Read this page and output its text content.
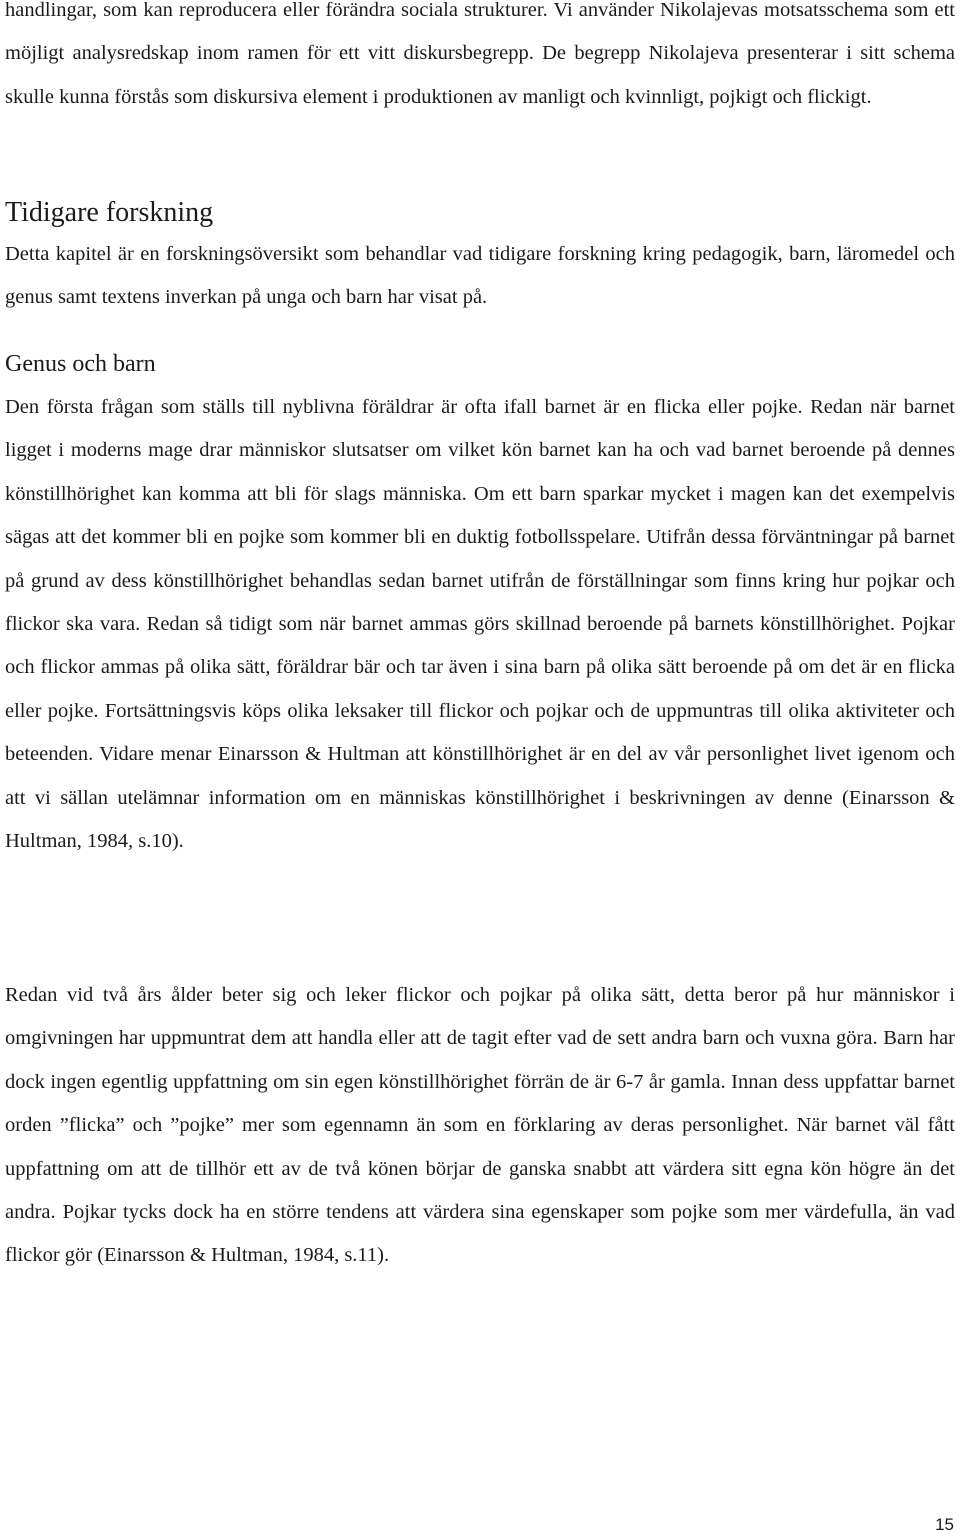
handlingar, som kan reproducera eller förändra sociala strukturer. Vi använder Nikolajevas motsatsschema som ett möjligt analysredskap inom ramen för ett vitt diskursbegrepp. De begrepp Nikolajeva presenterar i sitt schema skulle kunna förstås som diskursiva element i produktionen av manligt och kvinnligt, pojkigt och flickigt.

Tidigare forskning

Detta kapitel är en forskningsöversikt som behandlar vad tidigare forskning kring pedagogik, barn, läromedel och genus samt textens inverkan på unga och barn har visat på.

Genus och barn

Den första frågan som ställs till nyblivna föräldrar är ofta ifall barnet är en flicka eller pojke. Redan när barnet ligget i moderns mage drar människor slutsatser om vilket kön barnet kan ha och vad barnet beroende på dennes könstillhörighet kan komma att bli för slags människa. Om ett barn sparkar mycket i magen kan det exempelvis sägas att det kommer bli en pojke som kommer bli en duktig fotbollsspelare. Utifrån dessa förväntningar på barnet på grund av dess könstillhörighet behandlas sedan barnet utifrån de förställningar som finns kring hur pojkar och flickor ska vara. Redan så tidigt som när barnet ammas görs skillnad beroende på barnets könstillhörighet. Pojkar och flickor ammas på olika sätt, föräldrar bär och tar även i sina barn på olika sätt beroende på om det är en flicka eller pojke. Fortsättningsvis köps olika leksaker till flickor och pojkar och de uppmuntras till olika aktiviteter och beteenden. Vidare menar Einarsson & Hultman att könstillhörighet är en del av vår personlighet livet igenom och att vi sällan utelämnar information om en människas könstillhörighet i beskrivningen av denne (Einarsson & Hultman, 1984, s.10).

Redan vid två års ålder beter sig och leker flickor och pojkar på olika sätt, detta beror på hur människor i omgivningen har uppmuntrat dem att handla eller att de tagit efter vad de sett andra barn och vuxna göra. Barn har dock ingen egentlig uppfattning om sin egen könstillhörighet förrän de är 6-7 år gamla. Innan dess uppfattar barnet orden ”flicka” och ”pojke” mer som egennamn än som en förklaring av deras personlighet. När barnet väl fått uppfattning om att de tillhör ett av de två könen börjar de ganska snabbt att värdera sitt egna kön högre än det andra. Pojkar tycks dock ha en större tendens att värdera sina egenskaper som pojke som mer värdefulla, än vad flickor gör (Einarsson & Hultman, 1984, s.11).

15
